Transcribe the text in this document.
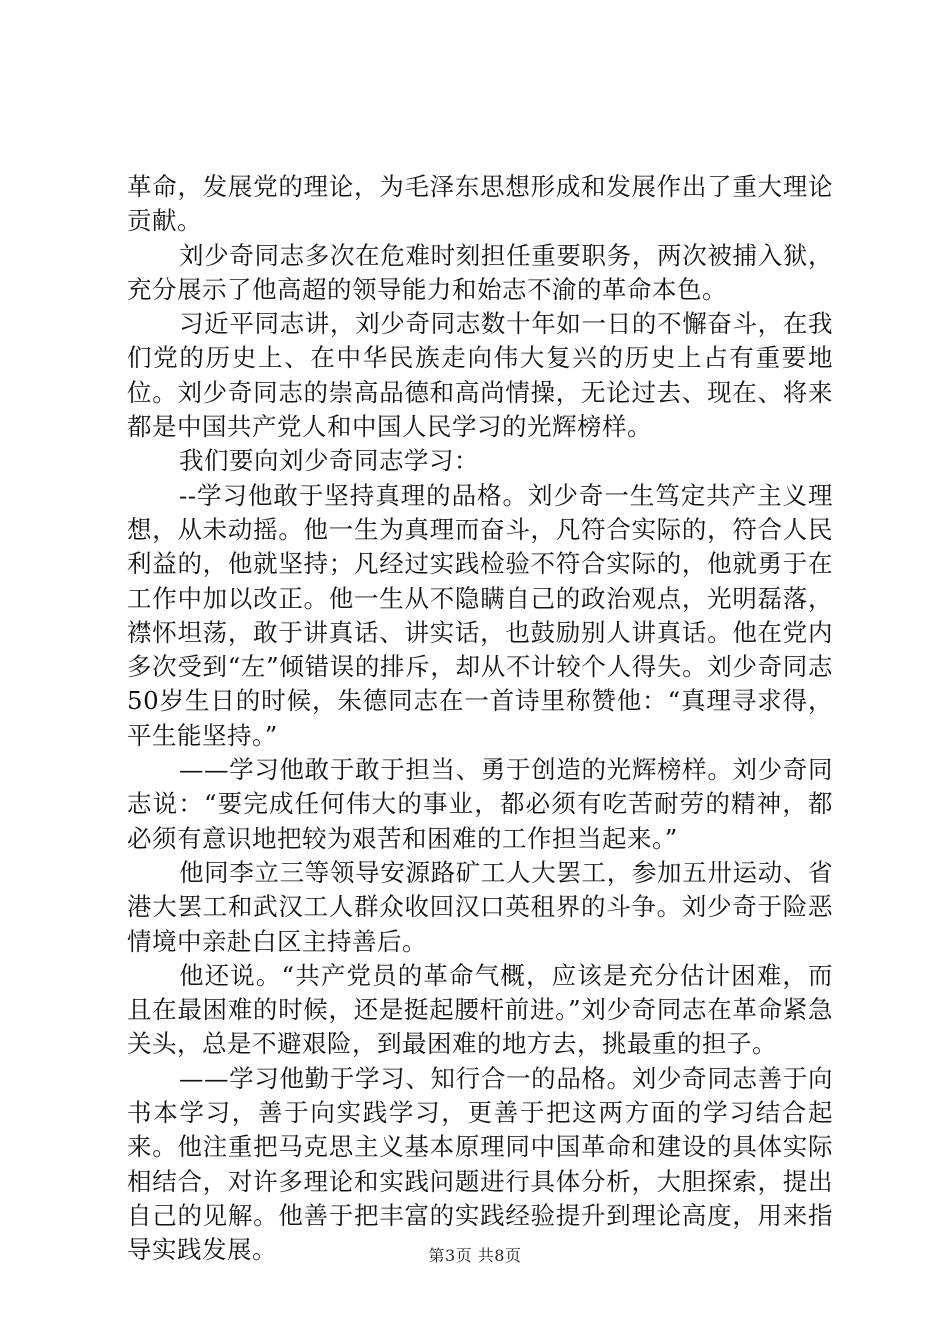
革命，发展党的理论，为毛泽东思想形成和发展作出了重大理论贡献。

刘少奇同志多次在危难时刻担任重要职务，两次被捕入狱，充分展示了他高超的领导能力和始志不渝的革命本色。

习近平同志讲，刘少奇同志数十年如一日的不懈奋斗，在我们党的历史上、在中华民族走向伟大复兴的历史上占有重要地位。刘少奇同志的崇高品德和高尚情操，无论过去、现在、将来都是中国共产党人和中国人民学习的光辉榜样。

我们要向刘少奇同志学习：

--学习他敢于坚持真理的品格。刘少奇一生笃定共产主义理想，从未动摇。他一生为真理而奋斗，凡符合实际的，符合人民利益的，他就坚持；凡经过实践检验不符合实际的，他就勇于在工作中加以改正。他一生从不隐瞒自己的政治观点，光明磊落，襟怀坦荡，敢于讲真话、讲实话，也鼓励别人讲真话。他在党内多次受到“左”倾错误的排斥，却从不计较个人得失。刘少奇同志50岁生日的时候，朱德同志在一首诗里称赞他：“真理寻求得，平生能坚持。”

——学习他敢于敢于担当、勇于创造的光辉榜样。刘少奇同志说：“要完成任何伟大的事业，都必须有吃苦耐劳的精神，都必须有意识地把较为艰苦和困难的工作担当起来。”

他同李立三等领导安源路矿工人大罢工，参加五卅运动、省港大罢工和武汉工人群众收回汉口英租界的斗争。刘少奇于险恶情境中亲赴白区主持善后。

他还说。“共产党员的革命气概，应该是充分估计困难，而且在最困难的时候，还是挺起腰杆前进。”刘少奇同志在革命紧急关头，总是不避艰险，到最困难的地方去，挑最重的担子。

——学习他勤于学习、知行合一的品格。刘少奇同志善于向书本学习，善于向实践学习，更善于把这两方面的学习结合起来。他注重把马克思主义基本原理同中国革命和建设的具体实际相结合，对许多理论和实践问题进行具体分析，大胆探索，提出自己的见解。他善于把丰富的实践经验提升到理论高度，用来指导实践发展。	第3页 共8页
